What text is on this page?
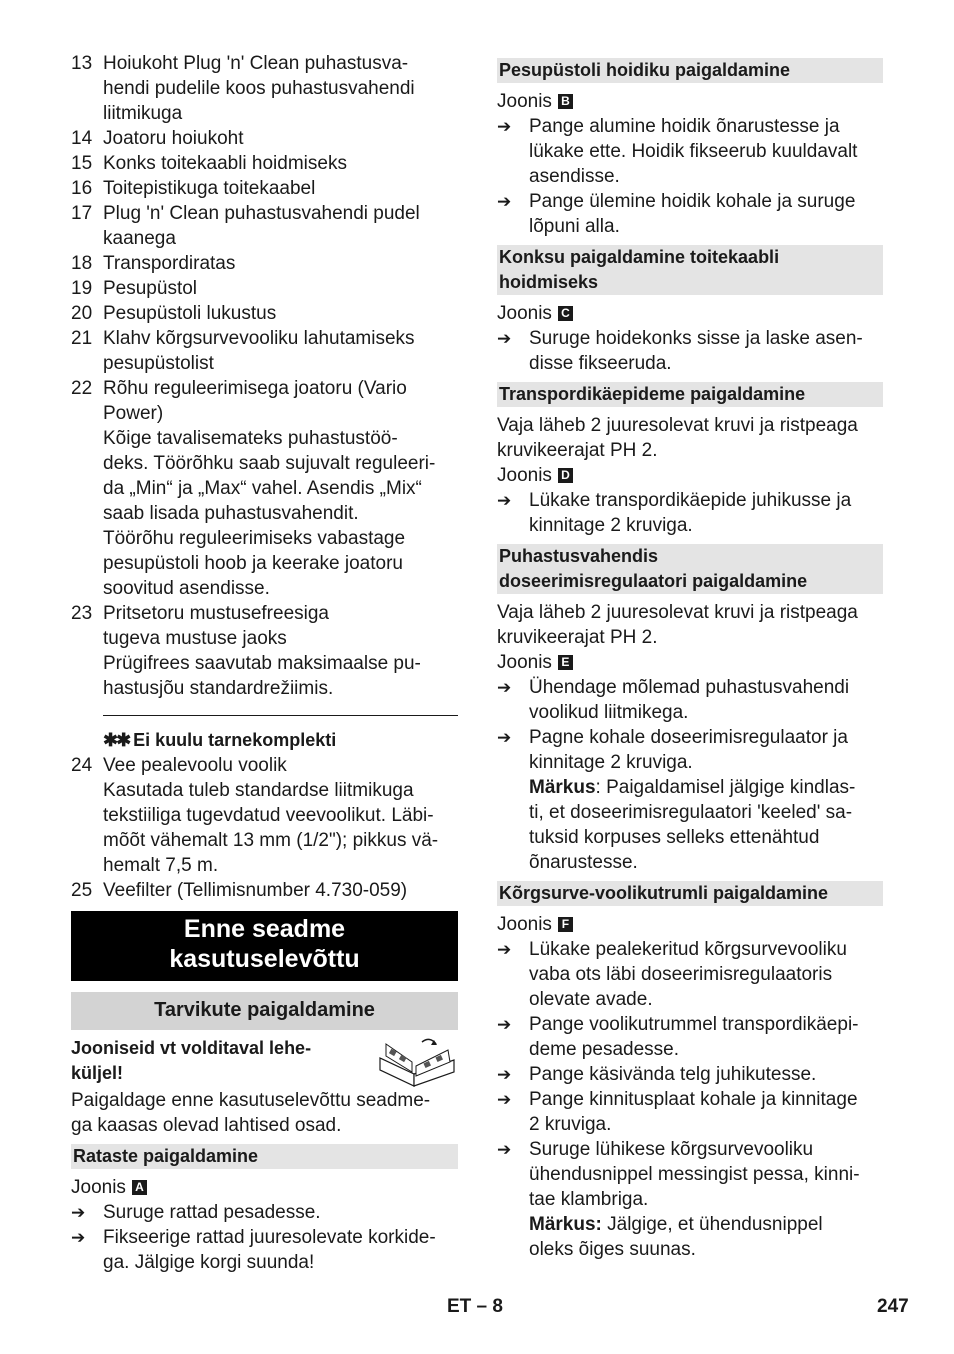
13 Hoiukoht Plug 'n' Clean puhastusva-
hendi pudelile koos puhastusvahendi
liitmikuga
14 Joatoru hoiukoht
15 Konks toitekaabli hoidmiseks
16 Toitepistikuga toitekaabel
17 Plug 'n' Clean puhastusvahendi pudel
kaanega
18 Transpordiratas
19 Pesupüstol
20 Pesupüstoli lukustus
21 Klahv kõrgsurvevooliku lahutamiseks
pesupüstolist
22 Rõhu reguleerimisega joatoru (Vario
Power)
Kõige tavalisemateks puhastustöö-
deks. Töörõhku saab sujuvalt reguleeri-
da „Min“ ja „Max“ vahel. Asendis „Mix“
saab lisada puhastusvahendit.
Töörõhu reguleerimiseks vabastage
pesupüstoli hoob ja keerake joatoru
soovitud asendisse.
23 Pritsetoru mustusefreesiga
tugeva mustuse jaoks
Prügifrees saavutab maksimaalse pu-
hastusjõu standardrežiimis.
✱✱ Ei kuulu tarnekomplekti
24 Vee pealevoolu voolik
Kasutada tuleb standardse liitmikuga
tekstiiliga tugevdatud veevoolikut. Läbi-
mõõt vähemalt 13 mm (1/2"); pikkus vä-
hemalt 7,5 m.
25 Veefilter (Tellimisnumber 4.730-059)
Enne seadme
kasutuselevõttu
Tarvikute paigaldamine
Jooniseid vt volditaval lehe-
küljel!
Paigaldage enne kasutuselevõttu seadme-
ga kaasas olevad lahtised osad.
Rataste paigaldamine
Joonis A
➔ Suruge rattad pesadesse.
➔ Fikseerige rattad juuresolevate korkide-
ga. Jälgige korgi suunda!
Pesupüstoli hoidiku paigaldamine
Joonis B
➔ Pange alumine hoidik õnarustesse ja
lükake ette. Hoidik fikseerub kuuldavalt
asendisse.
➔ Pange ülemine hoidik kohale ja suruge
lõpuni alla.
Konksu paigaldamine toitekaabli
hoidmiseks
Joonis C
➔ Suruge hoidekonks sisse ja laske asen-
disse fikseeruda.
Transpordikäepideme paigaldamine
Vaja läheb 2 juuresolevat kruvi ja ristpeaga
kruvikeerajat PH 2.
Joonis D
➔ Lükake transpordikäepide juhikusse ja
kinnitage 2 kruviga.
Puhastusvahendis
doseerimisregulaatori paigaldamine
Vaja läheb 2 juuresolevat kruvi ja ristpeaga
kruvikeerajat PH 2.
Joonis E
➔ Ühendage mõlemad puhastusvahendi
voolikud liitmikega.
➔ Pagne kohale doseerimisregulaator ja
kinnitage 2 kruviga.
Märkus: Paigaldamisel jälgige kindlas-
ti, et doseerimisregulaatori 'keeled' sa-
tuksid korpuses selleks ettenähtud
õnarustesse.
Kõrgsurve-voolikutrumli paigaldamine
Joonis F
➔ Lükake pealekeritud kõrgsurvevooliku
vaba ots läbi doseerimisregulaatoris
olevate avade.
➔ Pange voolikutrummel transpordikäepi-
deme pesadesse.
➔ Pange käsivända telg juhikutesse.
➔ Pange kinnitusplaat kohale ja kinnitage
2 kruviga.
➔ Suruge lühikese kõrgsurvevooliku
ühendusnippel messingist pessa, kinni-
tae klambriga.
Märkus: Jälgige, et ühendusnippel
oleks õiges suunas.
ET – 8	247
